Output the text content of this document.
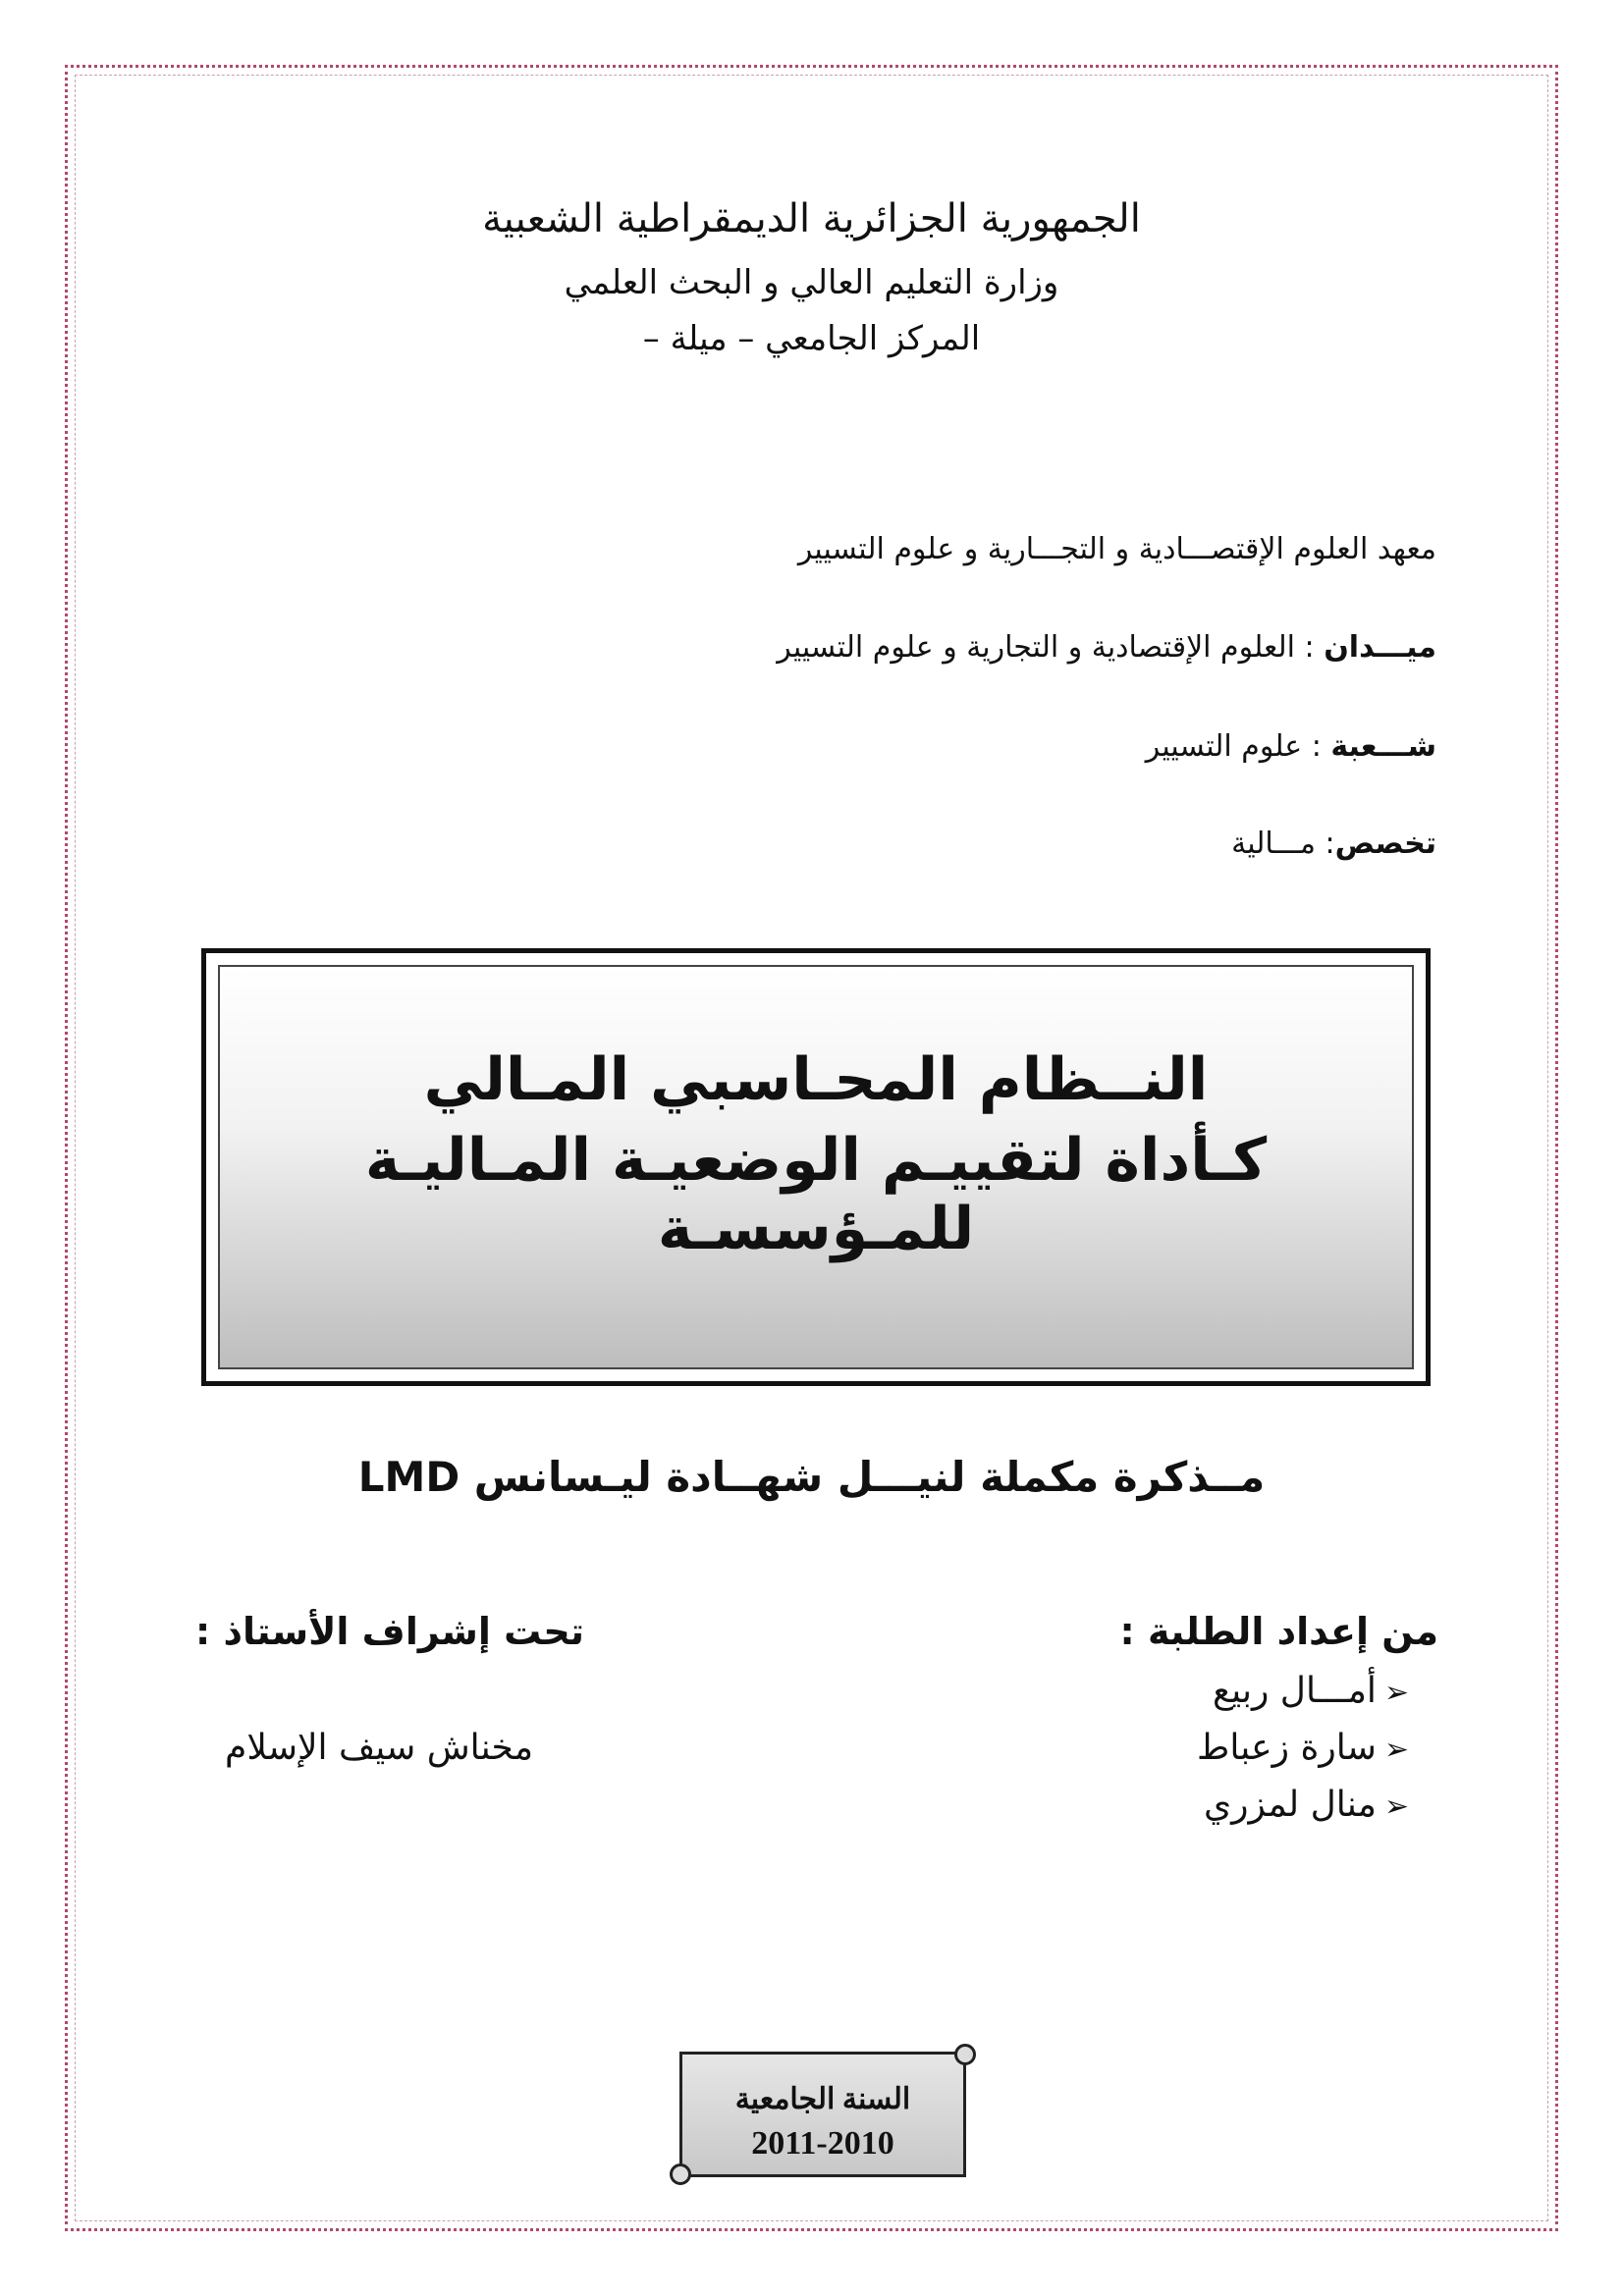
الجمهورية الجزائرية الديمقراطية الشعبية
وزارة التعليم العالي و البحث العلمي
المركز الجامعي – ميلة –
معهد العلوم الإقتصـــادية و التجـــارية و علوم التسيير
ميـــدان : العلوم الإقتصادية و التجارية و علوم التسيير
شـــعبة : علوم التسيير
تخصص: مـــالية
النــظام المحـاسبي المـالي
كـأداة لتقييـم الوضعيـة المـاليـة للمـؤسسـة
مــذكرة مكملة لنيـــل شهــادة ليـسانس LMD
من إعداد الطلبة :
تحت إشراف الأستاذ :
➢أمـــال ربيع
➢سارة زعباط
➢منال لمزري
مخناش سيف الإسلام
السنة الجامعية
2011-2010
